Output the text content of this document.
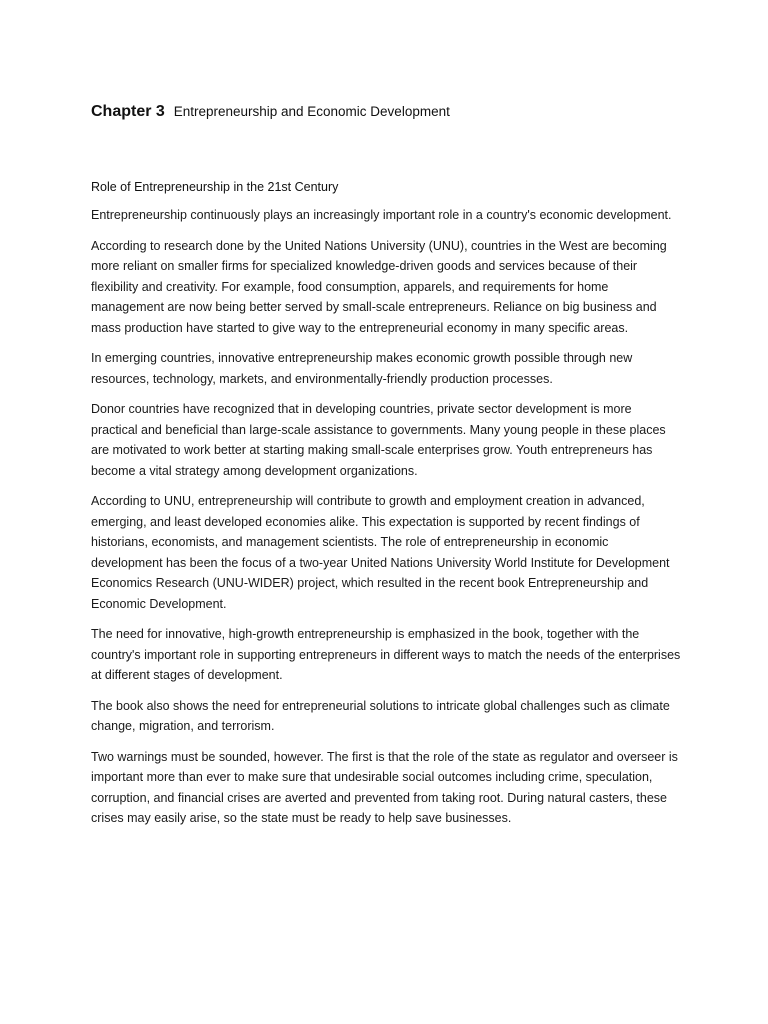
Chapter 3 Entrepreneurship and Economic Development
Role of Entrepreneurship in the 21st Century

Entrepreneurship continuously plays an increasingly important role in a country's economic development.

According to research done by the United Nations University (UNU), countries in the West are becoming more reliant on smaller firms for specialized knowledge-driven goods and services because of their flexibility and creativity. For example, food consumption, apparels, and requirements for home management are now being better served by small-scale entrepreneurs. Reliance on big business and mass production have started to give way to the entrepreneurial economy in many specific areas.

In emerging countries, innovative entrepreneurship makes economic growth possible through new resources, technology, markets, and environmentally-friendly production processes.

Donor countries have recognized that in developing countries, private sector development is more practical and beneficial than large-scale assistance to governments. Many young people in these places are motivated to work better at starting making small-scale enterprises grow. Youth entrepreneurs has become a vital strategy among development organizations.

According to UNU, entrepreneurship will contribute to growth and employment creation in advanced, emerging, and least developed economies alike. This expectation is supported by recent findings of historians, economists, and management scientists. The role of entrepreneurship in economic development has been the focus of a two-year United Nations University World Institute for Development Economics Research (UNU-WIDER) project, which resulted in the recent book Entrepreneurship and Economic Development.

The need for innovative, high-growth entrepreneurship is emphasized in the book, together with the country's important role in supporting entrepreneurs in different ways to match the needs of the enterprises at different stages of development.

The book also shows the need for entrepreneurial solutions to intricate global challenges such as climate change, migration, and terrorism.

Two warnings must be sounded, however. The first is that the role of the state as regulator and overseer is important more than ever to make sure that undesirable social outcomes including crime, speculation, corruption, and financial crises are averted and prevented from taking root. During natural casters, these crises may easily arise, so the state must be ready to help save businesses.
